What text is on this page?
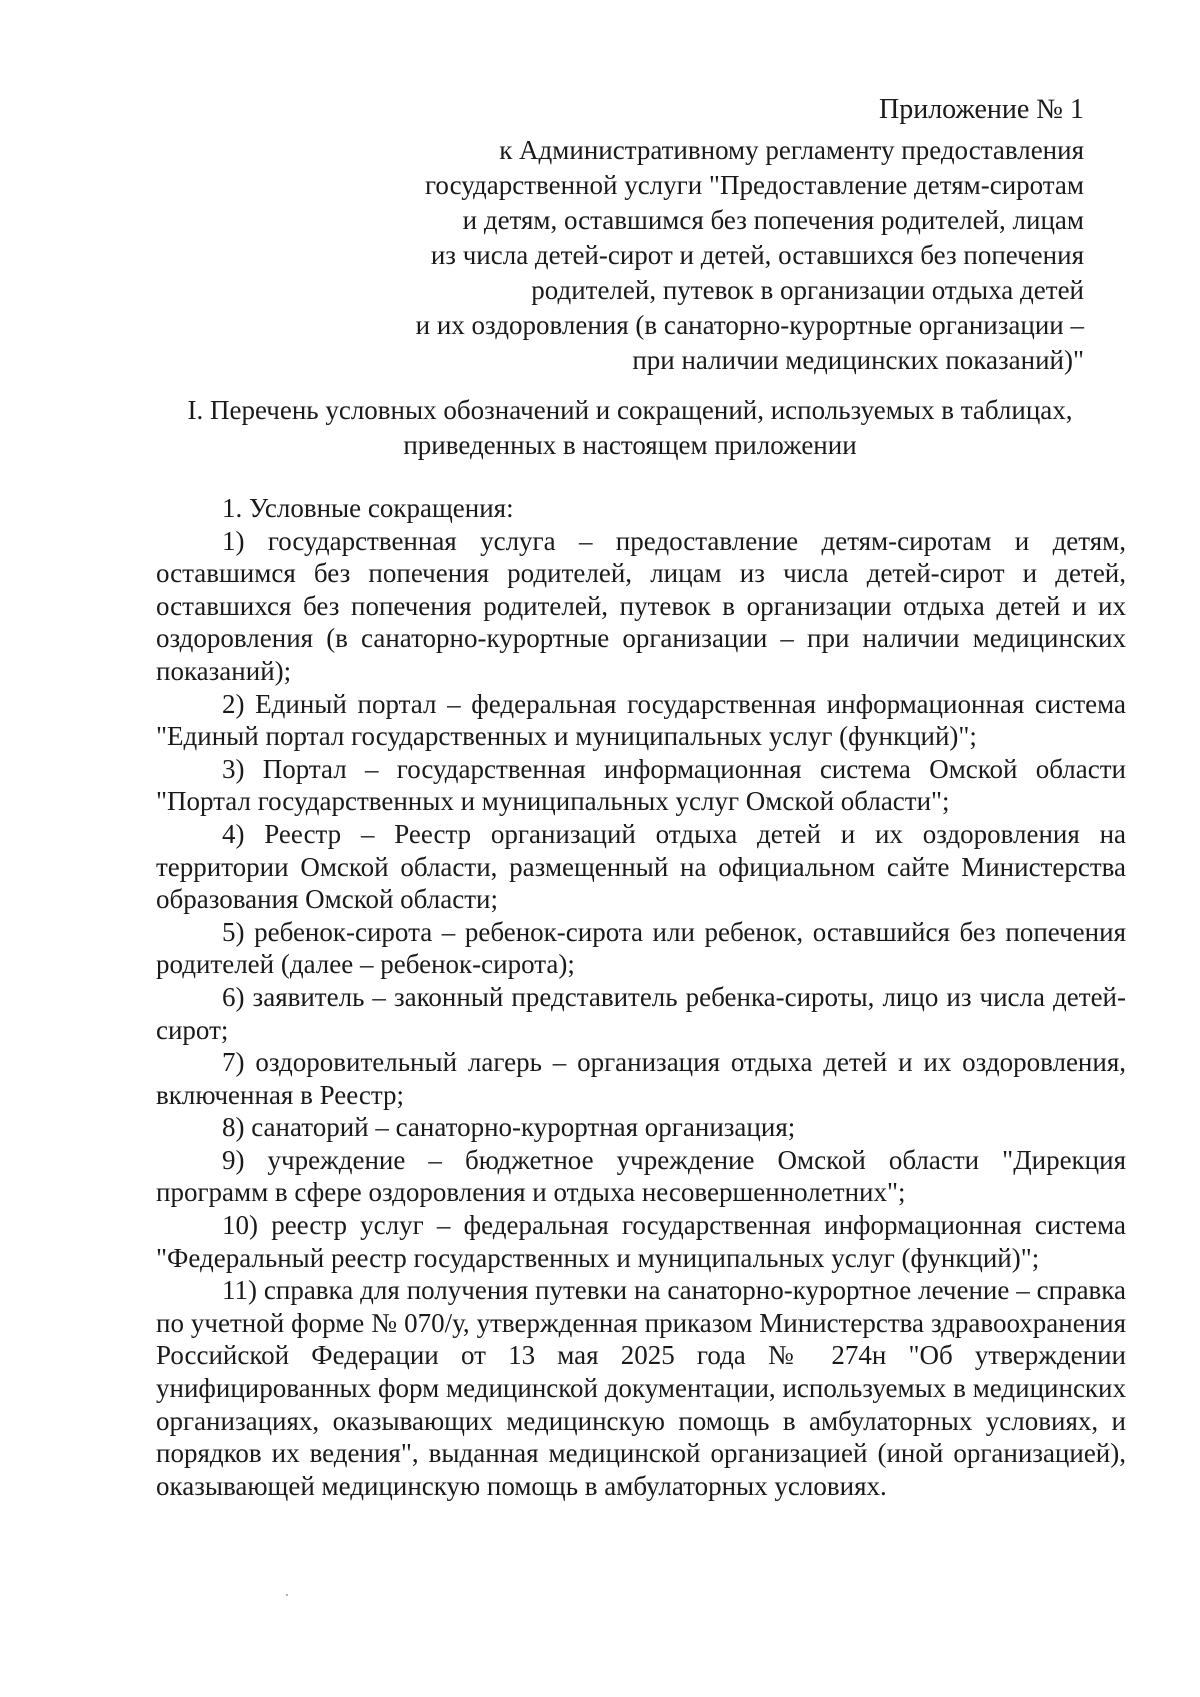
Приложение № 1

к Административному регламенту предоставления
государственной услуги "Предоставление детям-сиротам
и детям, оставшимся без попечения родителей, лицам
из числа детей-сирот и детей, оставшихся без попечения
родителей, путевок в организации отдыха детей
и их оздоровления (в санаторно-курортные организации –
при наличии медицинских показаний)"
I. Перечень условных обозначений и сокращений, используемых в таблицах,
приведенных в настоящем приложении

1. Условные сокращения:

1) государственная услуга – предоставление детям-сиротам и детям, оставшимся без попечения родителей, лицам из числа детей-сирот и детей, оставшихся без попечения родителей, путевок в организации отдыха детей и их оздоровления (в санаторно-курортные организации – при наличии медицинских показаний);

2) Единый портал – федеральная государственная информационная система "Единый портал государственных и муниципальных услуг (функций)";

3) Портал – государственная информационная система Омской области "Портал государственных и муниципальных услуг Омской области";

4) Реестр – Реестр организаций отдыха детей и их оздоровления на территории Омской области, размещенный на официальном сайте Министерства образования Омской области;

5) ребенок-сирота – ребенок-сирота или ребенок, оставшийся без попечения родителей (далее – ребенок-сирота);

6) заявитель – законный представитель ребенка-сироты, лицо из числа детей-сирот;

7) оздоровительный лагерь – организация отдыха детей и их оздоровления, включенная в Реестр;

8) санаторий – санаторно-курортная организация;

9) учреждение – бюджетное учреждение Омской области "Дирекция программ в сфере оздоровления и отдыха несовершеннолетних";

10) реестр услуг – федеральная государственная информационная система "Федеральный реестр государственных и муниципальных услуг (функций)";

11) справка для получения путевки на санаторно-курортное лечение – справка по учетной форме № 070/у, утвержденная приказом Министерства здравоохранения Российской Федерации от 13 мая 2025 года № 274н "Об утверждении унифицированных форм медицинской документации, используемых в медицинских организациях, оказывающих медицинскую помощь в амбулаторных условиях, и порядков их ведения", выданная медицинской организацией (иной организацией), оказывающей медицинскую помощь в амбулаторных условиях.
